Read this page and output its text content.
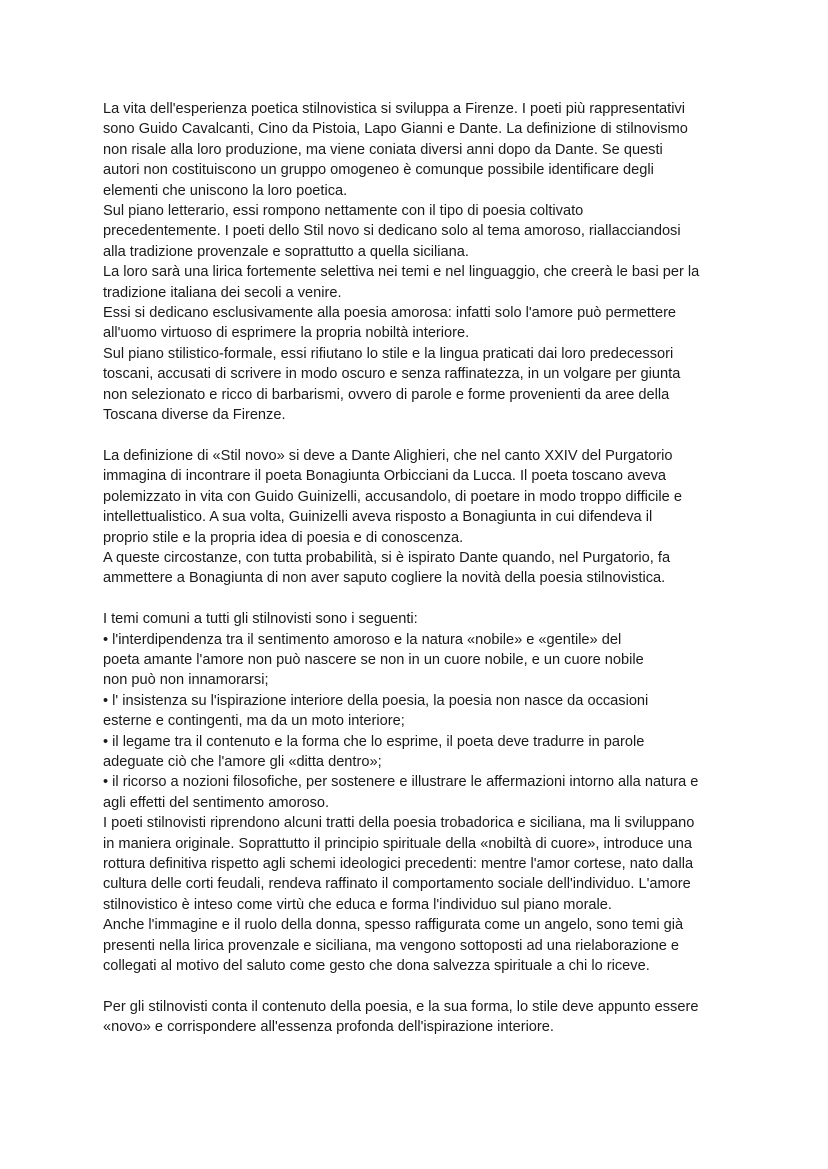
La vita dell'esperienza poetica stilnovistica si sviluppa a Firenze. I poeti più rappresentativi
sono Guido Cavalcanti, Cino da Pistoia, Lapo Gianni e Dante. La definizione di stilnovismo
non risale alla loro produzione, ma viene coniata diversi anni dopo da Dante. Se questi
autori non costituiscono un gruppo omogeneo è comunque possibile identificare degli
elementi che uniscono la loro poetica.
Sul piano letterario, essi rompono nettamente con il tipo di poesia coltivato
precedentemente. I poeti dello Stil novo si dedicano solo al tema amoroso, riallacciandosi
alla tradizione provenzale e soprattutto a quella siciliana.
La loro sarà una lirica fortemente selettiva nei temi e nel linguaggio, che creerà le basi per la
tradizione italiana dei secoli a venire.
Essi si dedicano esclusivamente alla poesia amorosa: infatti solo l'amore può permettere
all'uomo virtuoso di esprimere la propria nobiltà interiore.
Sul piano stilistico-formale, essi rifiutano lo stile e la lingua praticati dai loro predecessori
toscani, accusati di scrivere in modo oscuro e senza raffinatezza, in un volgare per giunta
non selezionato e ricco di barbarismi, ovvero di parole e forme provenienti da aree della
Toscana diverse da Firenze.
La definizione di «Stil novo» si deve a Dante Alighieri, che nel canto XXIV del Purgatorio
immagina di incontrare il poeta Bonagiunta Orbicciani da Lucca. Il poeta toscano aveva
polemizzato in vita con Guido Guinizelli, accusandolo, di poetare in modo troppo difficile e
intellettualistico. A sua volta, Guinizelli aveva risposto a Bonagiunta in cui difendeva il
proprio stile e la propria idea di poesia e di conoscenza.
A queste circostanze, con tutta probabilità, si è ispirato Dante quando, nel Purgatorio, fa
ammettere a Bonagiunta di non aver saputo cogliere la novità della poesia stilnovistica.
I temi comuni a tutti gli stilnovisti sono i seguenti:
• l'interdipendenza tra il sentimento amoroso e la natura «nobile» e «gentile» del
poeta amante l'amore non può nascere se non in un cuore nobile, e un cuore nobile
non può non innamorarsi;
• l' insistenza su l'ispirazione interiore della poesia, la poesia non nasce da occasioni
esterne e contingenti, ma da un moto interiore;
• il legame tra il contenuto e la forma che lo esprime, il poeta deve tradurre in parole
adeguate ciò che l'amore gli «ditta dentro»;
• il ricorso a nozioni filosofiche, per sostenere e illustrare le affermazioni intorno alla natura e
agli effetti del sentimento amoroso.
I poeti stilnovisti riprendono alcuni tratti della poesia trobadorica e siciliana, ma li sviluppano
in maniera originale. Soprattutto il principio spirituale della «nobiltà di cuore», introduce una
rottura definitiva rispetto agli schemi ideologici precedenti: mentre l'amor cortese, nato dalla
cultura delle corti feudali, rendeva raffinato il comportamento sociale dell'individuo. L'amore
stilnovistico è inteso come virtù che educa e forma l'individuo sul piano morale.
Anche l'immagine e il ruolo della donna, spesso raffigurata come un angelo, sono temi già
presenti nella lirica provenzale e siciliana, ma vengono sottoposti ad una rielaborazione e
collegati al motivo del saluto come gesto che dona salvezza spirituale a chi lo riceve.
Per gli stilnovisti conta il contenuto della poesia, e la sua forma, lo stile deve appunto essere
«novo» e corrispondere all'essenza profonda dell'ispirazione interiore.
